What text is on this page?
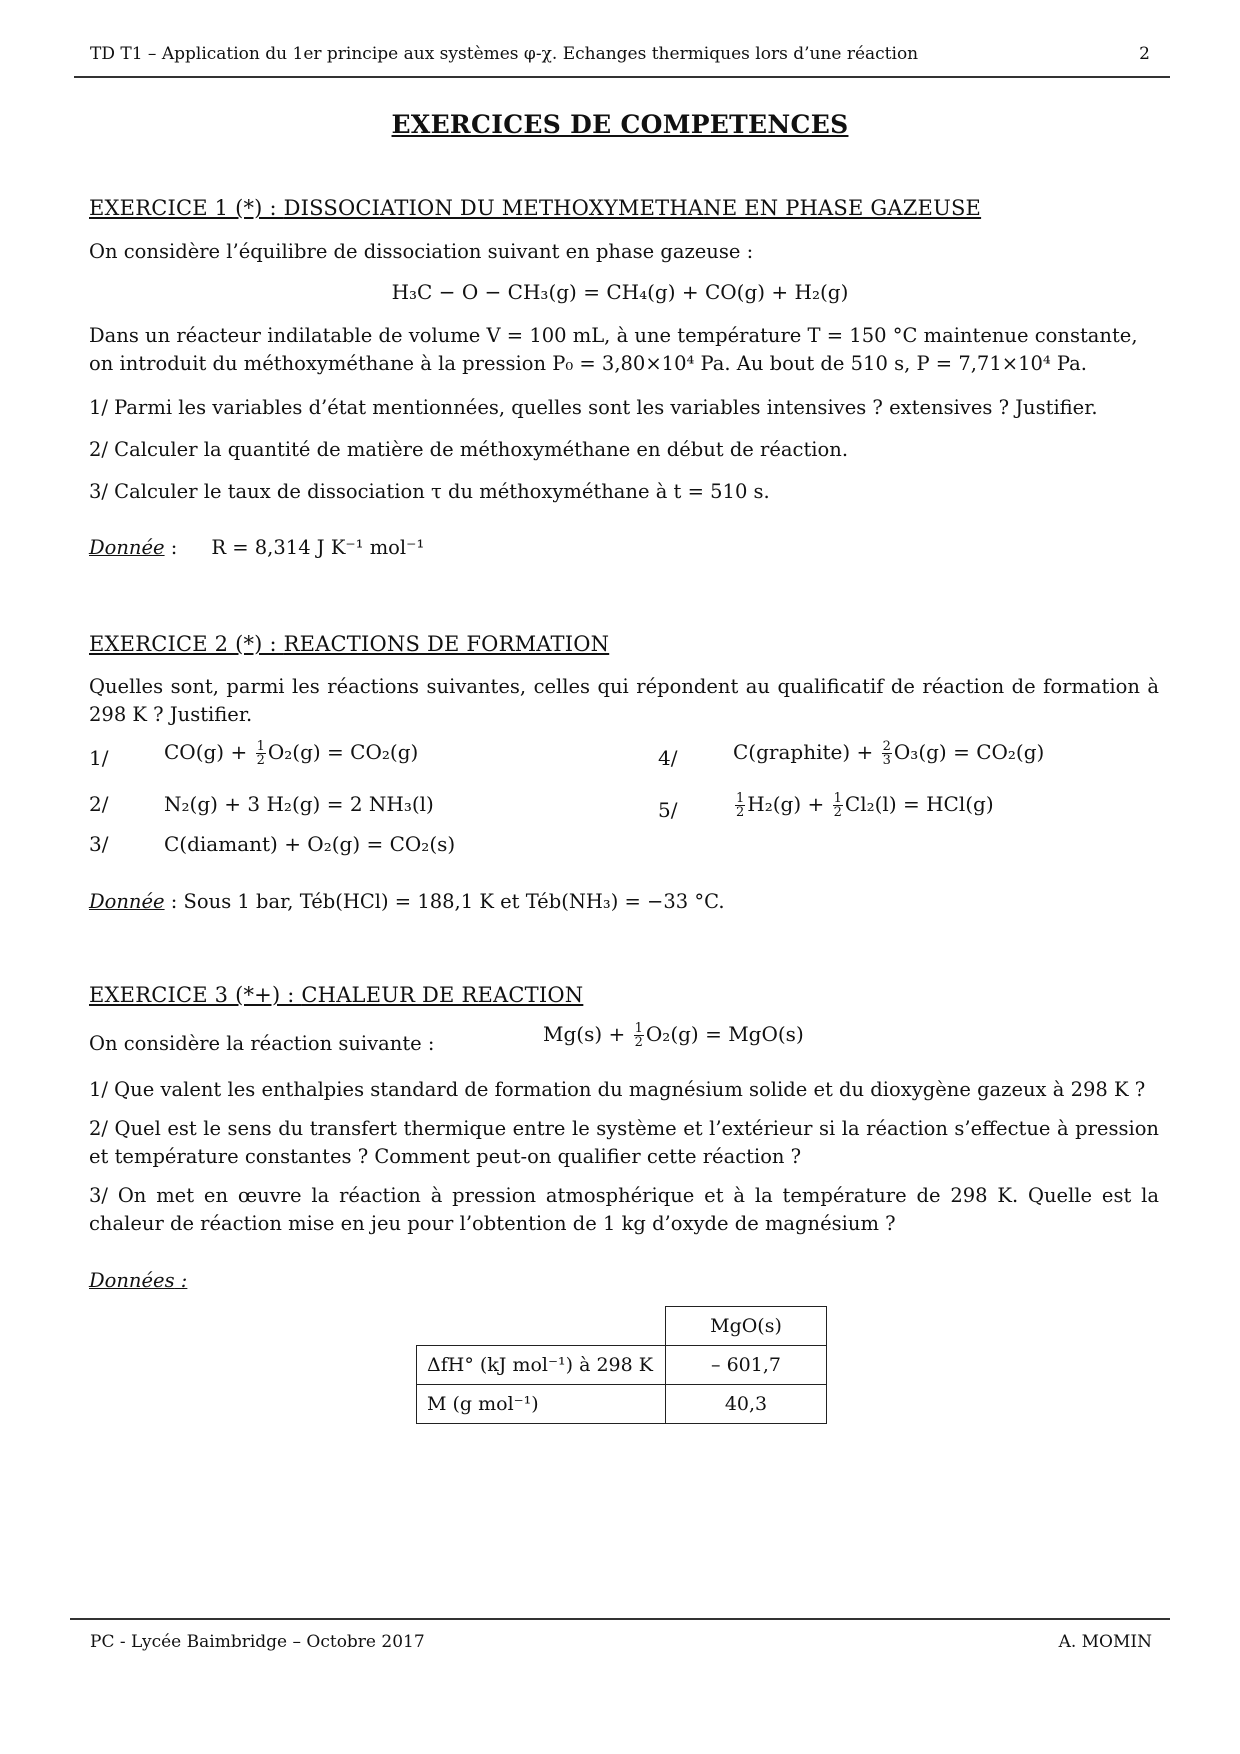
TD T1 – Application du 1er principe aux systèmes φ-χ. Echanges thermiques lors d’une réaction	2
EXERCICES DE COMPETENCES
EXERCICE 1 (*) : DISSOCIATION DU METHOXYMETHANE EN PHASE GAZEUSE
On considère l’équilibre de dissociation suivant en phase gazeuse :
H₃C − O − CH₃(g) = CH₄(g) + CO(g) + H₂(g)
Dans un réacteur indilatable de volume V = 100 mL, à une température T = 150 °C maintenue constante, on introduit du méthoxyméthane à la pression P₀ = 3,80×10⁴ Pa. Au bout de 510 s, P = 7,71×10⁴ Pa.
1/ Parmi les variables d’état mentionnées, quelles sont les variables intensives ? extensives ? Justifier.
2/ Calculer la quantité de matière de méthoxyméthane en début de réaction.
3/ Calculer le taux de dissociation τ du méthoxyméthane à t = 510 s.
Donnée : R = 8,314 J K⁻¹ mol⁻¹
EXERCICE 2 (*) : REACTIONS DE FORMATION
Quelles sont, parmi les réactions suivantes, celles qui répondent au qualificatif de réaction de formation à 298 K ? Justifier.
1/	$CO(g) + \frac{1}{2} O_2(g) = CO_2(g)$
2/	N₂(g) + 3 H₂(g) = 2 NH₃(l)
3/	C(diamant) + O₂(g) = CO₂(s)
4/	C(graphite) + $\frac{2}{3} O_3(g) = CO_2(g)$
5/	$\frac{1}{2} H_2(g) + \frac{1}{2} Cl_2(l) = HCl(g)$
Donnée : Sous 1 bar, Téb(HCl) = 188,1 K et Téb(NH₃) = −33 °C.
EXERCICE 3 (*+) : CHALEUR DE REACTION
On considère la réaction suivante :	$Mg(s) + \frac{1}{2} O_2(g) = MgO(s)$
1/ Que valent les enthalpies standard de formation du magnésium solide et du dioxygène gazeux à 298 K ?
2/ Quel est le sens du transfert thermique entre le système et l’extérieur si la réaction s’effectue à pression et température constantes ? Comment peut-on qualifier cette réaction ?
3/ On met en œuvre la réaction à pression atmosphérique et à la température de 298 K. Quelle est la chaleur de réaction mise en jeu pour l’obtention de 1 kg d’oxyde de magnésium ?
Données :
	MgO(s)
ΔfH° (kJ mol⁻¹) à 298 K	– 601,7
M (g mol⁻¹)	40,3
PC - Lycée Baimbridge – Octobre 2017	A. MOMIN
